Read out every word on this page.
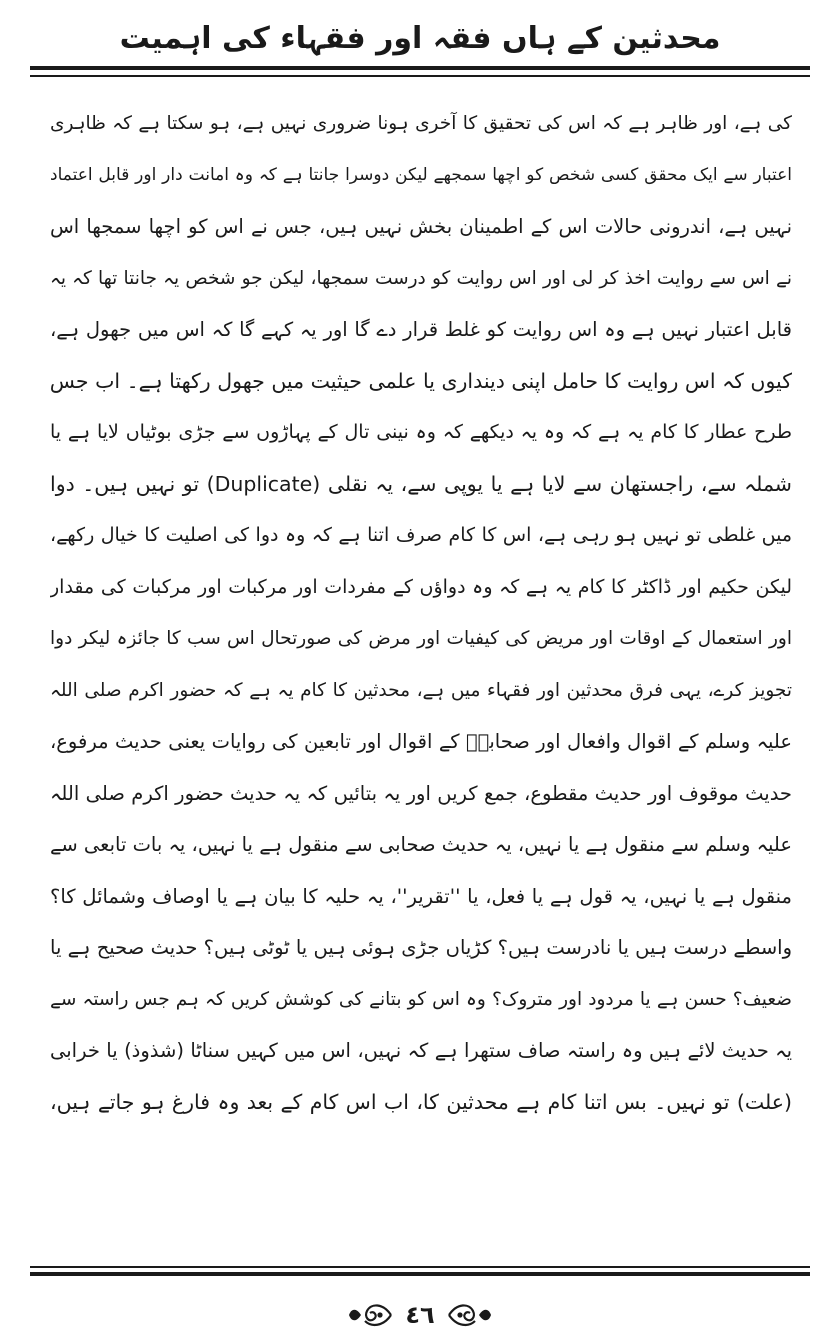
محدثین کے ہاں فقہ اور فقہاء کی اہمیت
کی ہے، اور ظاہر ہے کہ اس کی تحقیق کا آخری ہونا ضروری نہیں ہے، ہو سکتا ہے کہ ظاہری
اعتبار سے ایک محقق کسی شخص کو اچھا سمجھے لیکن دوسرا جانتا ہے کہ وہ امانت دار اور قابل اعتماد
نہیں ہے، اندرونی حالات اس کے اطمینان بخش نہیں ہیں، جس نے اس کو اچھا سمجھا اس
نے اس سے روایت اخذ کر لی اور اس روایت کو درست سمجھا، لیکن جو شخص یہ جانتا تھا کہ یہ
قابل اعتبار نہیں ہے وہ اس روایت کو غلط قرار دے گا اور یہ کہے گا کہ اس میں جھول ہے،
کیوں کہ اس روایت کا حامل اپنی دینداری یا علمی حیثیت میں جھول رکھتا ہے۔ اب جس
طرح عطار کا کام یہ ہے کہ وہ یہ دیکھے کہ وہ نینی تال کے پہاڑوں سے جڑی بوٹیاں لایا ہے یا
شملہ سے، راجستھان سے لایا ہے یا یوپی سے، یہ نقلی (Duplicate) تو نہیں ہیں۔ دوا
میں غلطی تو نہیں ہو رہی ہے، اس کا کام صرف اتنا ہے کہ وہ دوا کی اصلیت کا خیال رکھے،
لیکن حکیم اور ڈاکٹر کا کام یہ ہے کہ وہ دواؤں کے مفردات اور مرکبات اور مرکبات کی مقدار
اور استعمال کے اوقات اور مریض کی کیفیات اور مرض کی صورتحال اس سب کا جائزہ لیکر دوا
تجویز کرے، یہی فرق محدثین اور فقہاء میں ہے، محدثین کا کام یہ ہے کہ حضور اکرم صلی اللہ
علیہ وسلم کے اقوال وافعال اور صحابہؓ کے اقوال اور تابعین کی روایات یعنی حدیث مرفوع،
حدیث موقوف اور حدیث مقطوع، جمع کریں اور یہ بتائیں کہ یہ حدیث حضور اکرم صلی اللہ
علیہ وسلم سے منقول ہے یا نہیں، یہ حدیث صحابی سے منقول ہے یا نہیں، یہ بات تابعی سے
منقول ہے یا نہیں، یہ قول ہے یا فعل، یا ''تقریر''، یہ حلیہ کا بیان ہے یا اوصاف وشمائل کا؟
واسطے درست ہیں یا نادرست ہیں؟ کڑیاں جڑی ہوئی ہیں یا ٹوٹی ہیں؟ حدیث صحیح ہے یا
ضعیف؟ حسن ہے یا مردود اور متروک؟ وہ اس کو بتانے کی کوشش کریں کہ ہم جس راستہ سے
یہ حدیث لائے ہیں وہ راستہ صاف ستھرا ہے کہ نہیں، اس میں کہیں سناٹا (شذوذ) یا خرابی
(علت) تو نہیں۔ بس اتنا کام ہے محدثین کا، اب اس کام کے بعد وہ فارغ ہو جاتے ہیں،
٤٦
